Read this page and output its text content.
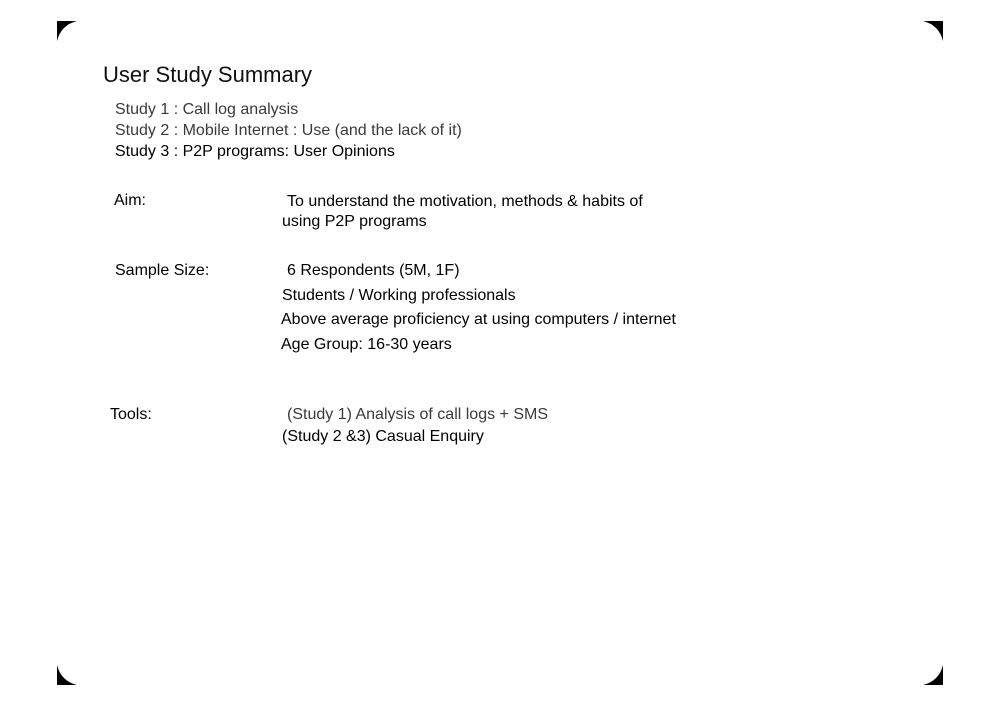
User Study Summary
Study 1 : Call log analysis
Study 2 : Mobile Internet : Use (and the lack of it)
Study 3 : P2P programs: User Opinions
Aim:	To understand the motivation, methods & habits of
using P2P programs
Sample Size:	6 Respondents (5M, 1F)
Students / Working professionals
Above average proficiency at using computers / internet
Age Group: 16-30 years
Tools:	(Study 1) Analysis of call logs + SMS
(Study 2 &3) Casual Enquiry
